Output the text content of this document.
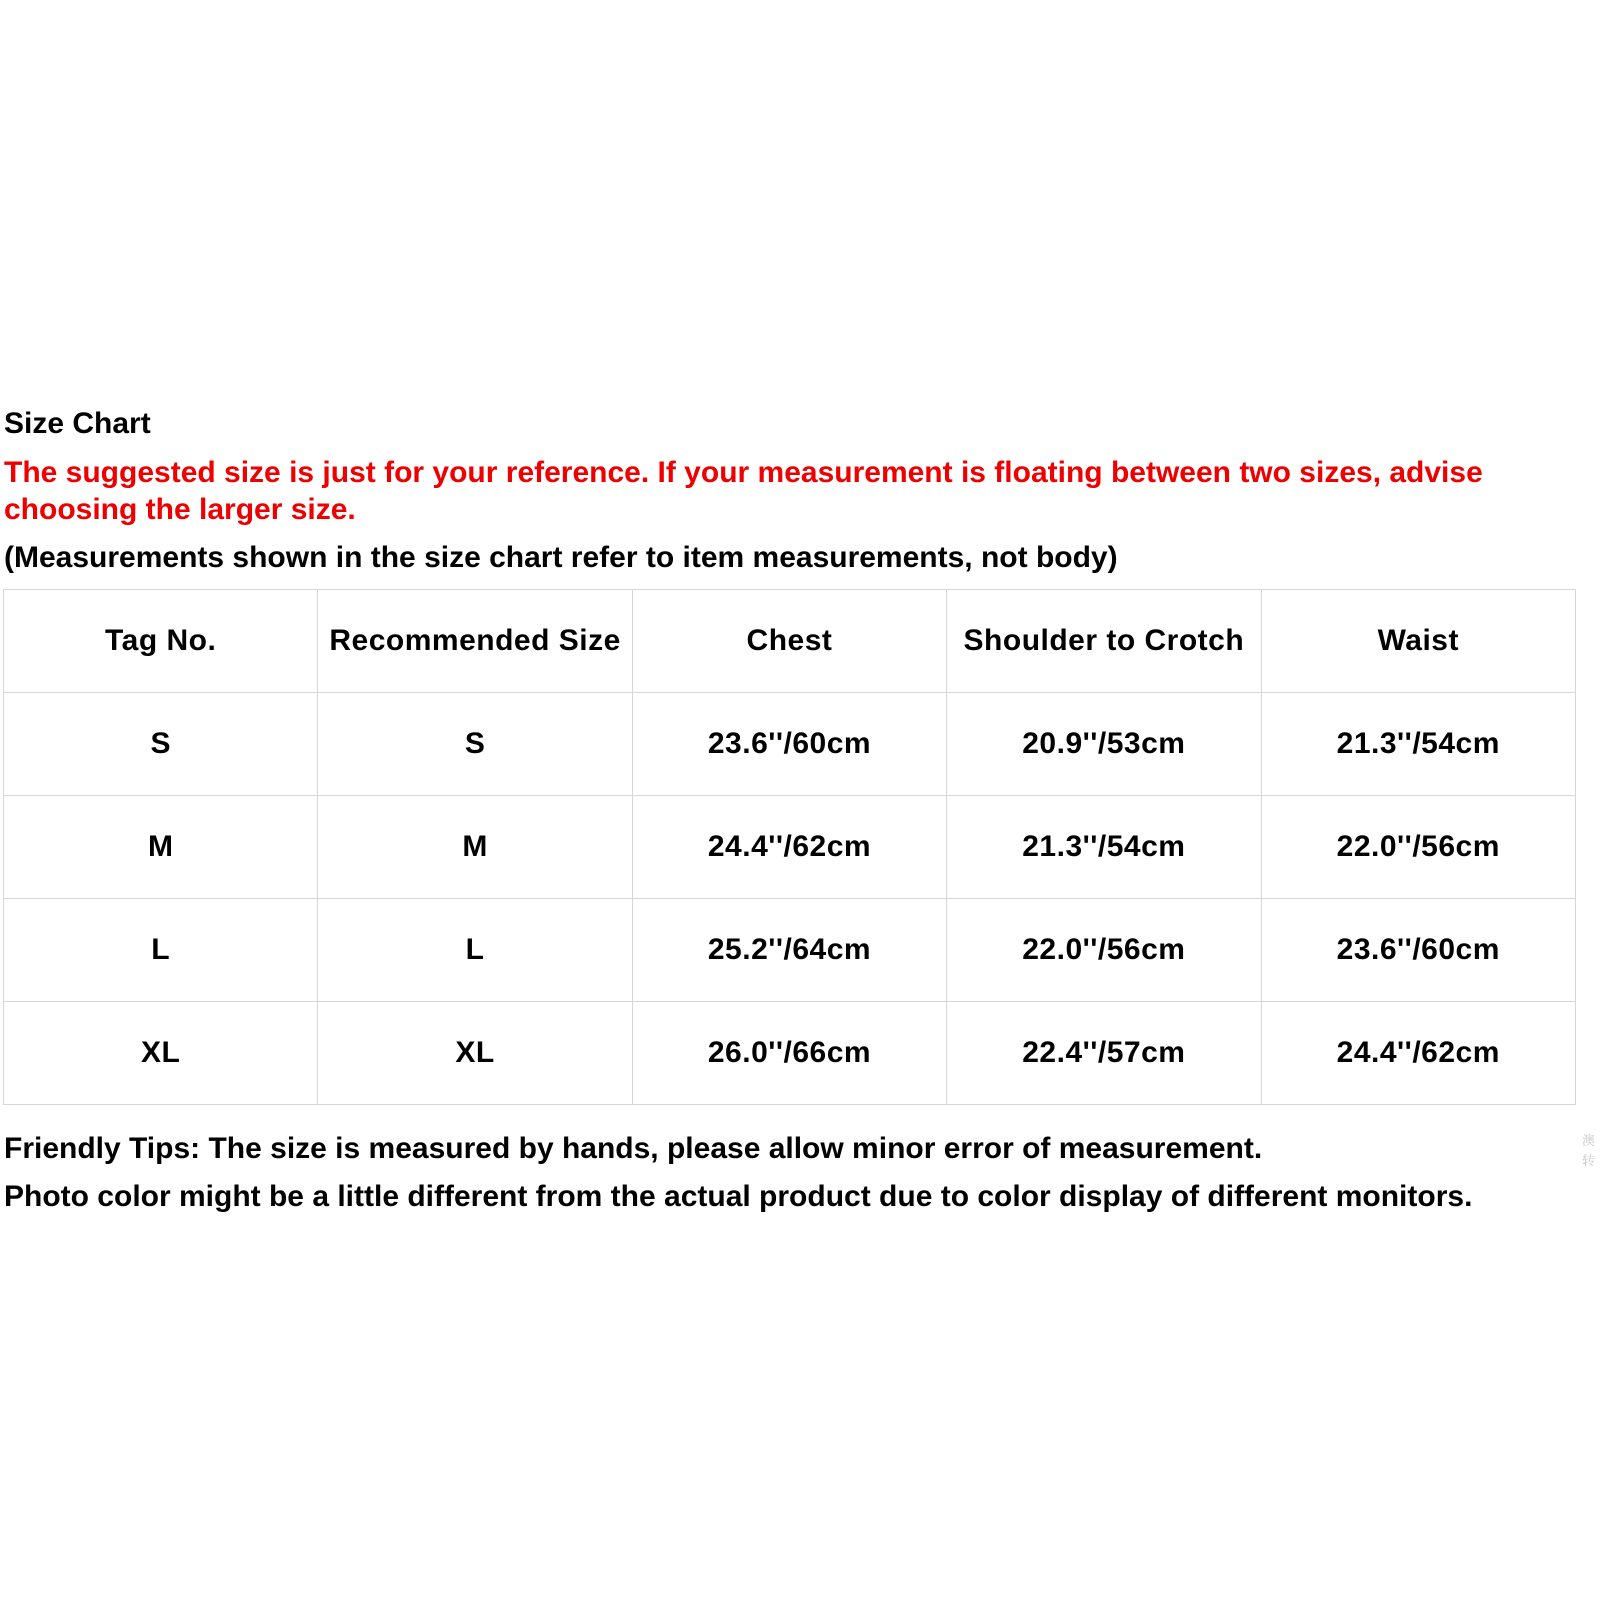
Size Chart
The suggested size is just for your reference. If your measurement is floating between two sizes, advise choosing the larger size.
(Measurements shown in the size chart refer to item measurements, not body)
Tag No.	Recommended Size	Chest	Shoulder to Crotch	Waist
S	S	23.6''/60cm	20.9''/53cm	21.3''/54cm
M	M	24.4''/62cm	21.3''/54cm	22.0''/56cm
L	L	25.2''/64cm	22.0''/56cm	23.6''/60cm
XL	XL	26.0''/66cm	22.4''/57cm	24.4''/62cm
Friendly Tips: The size is measured by hands, please allow minor error of measurement.
Photo color might be a little different from the actual product due to color display of different monitors.
澳转
